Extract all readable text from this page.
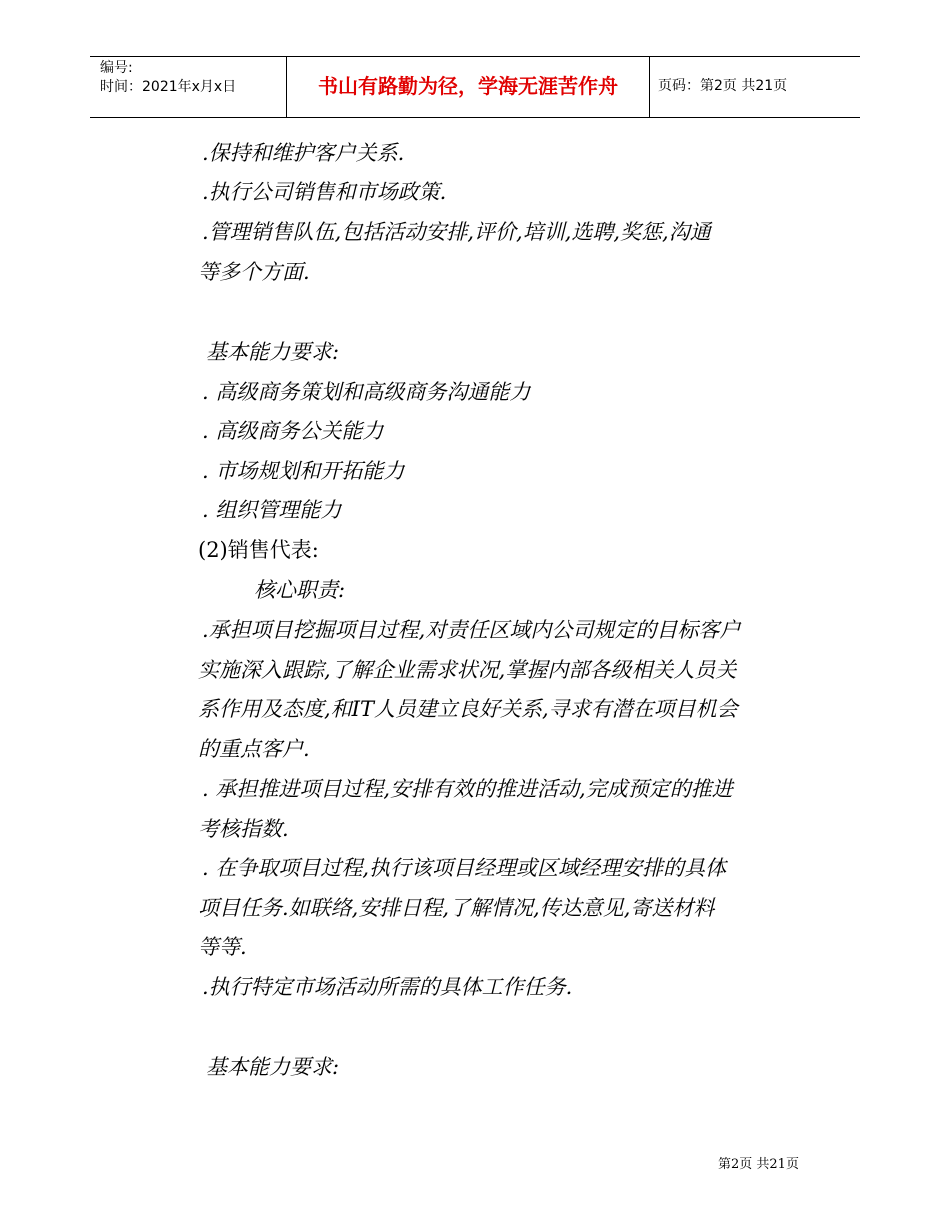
编号:
时间：2021年x月x日	书山有路勤为径，学海无涯苦作舟	页码：第2页 共21页
.保持和维护客户关系.
.执行公司销售和市场政策.
.管理销售队伍,包括活动安排,评价,培训,选聘,奖惩,沟通
等多个方面.
基本能力要求:
. 高级商务策划和高级商务沟通能力
. 高级商务公关能力
. 市场规划和开拓能力
. 组织管理能力
(2)销售代表:
核心职责:
.承担项目挖掘项目过程,对责任区域内公司规定的目标客户
实施深入跟踪,了解企业需求状况,掌握内部各级相关人员关
系作用及态度,和IT人员建立良好关系,寻求有潜在项目机会
的重点客户.
. 承担推进项目过程,安排有效的推进活动,完成预定的推进
考核指数.
. 在争取项目过程,执行该项目经理或区域经理安排的具体
项目任务.如联络,安排日程,了解情况,传达意见,寄送材料
等等.
.执行特定市场活动所需的具体工作任务.
基本能力要求:
第2页 共21页
